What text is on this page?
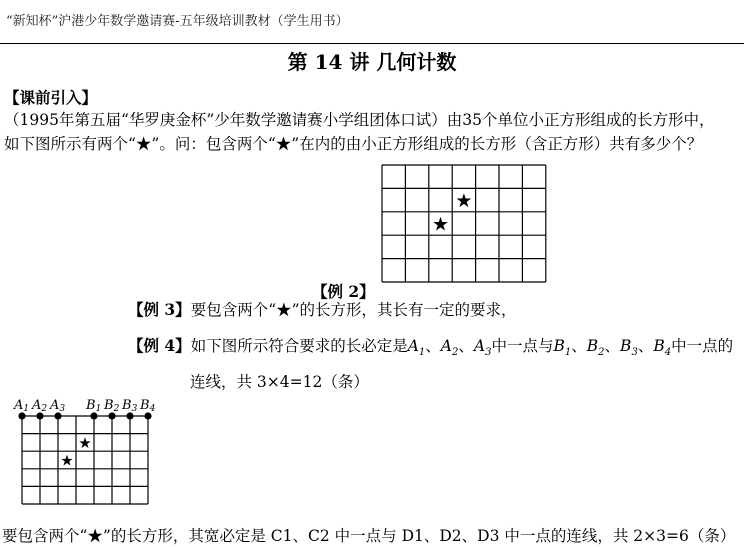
“新知杯”沪港少年数学邀请赛-五年级培训教材（学生用书）
第 14 讲 几何计数
【课前引入】
（1995年第五届“华罗庚金杯”少年数学邀请赛小学组团体口试）由35个单位小正方形组成的长方形中，
如下图所示有两个“★”。问：包含两个“★”在内的由小正方形组成的长方形（含正方形）共有多少个？
★
★
★
★
A1 A2 A3 B1 B2 B3 B4
【例 2】
【例 3】要包含两个“★”的长方形，其长有一定的要求，
【例 4】如下图所示符合要求的长必定是$A_1$、$A_2$、$A_3$中一点与$B_1$、$B_2$、$B_3$、$B_4$中一点的
连线，共 3×4=12（条）
要包含两个“★”的长方形，其宽必定是 C1、C2 中一点与 D1、D2、D3 中一点的连线，共 2×3=6（条）
